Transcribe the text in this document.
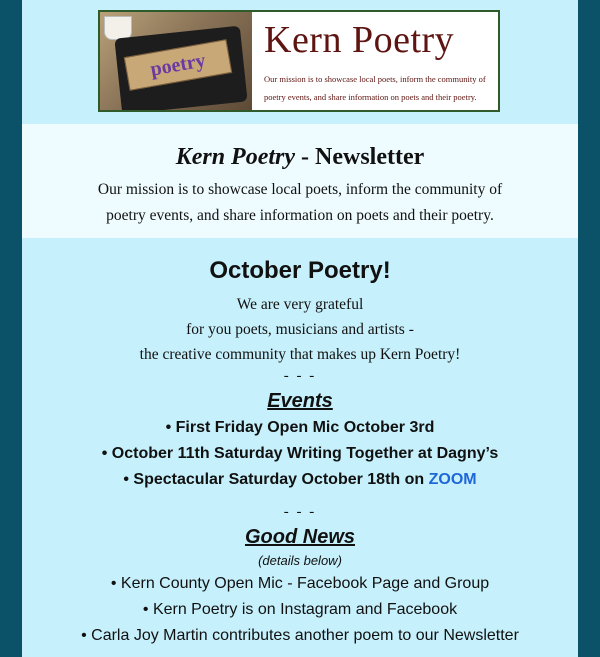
poetry
Kern Poetry
Our mission is to showcase local poets, inform the community of
poetry events, and share information on poets and their poetry.
Kern Poetry - Newsletter
Our mission is to showcase local poets, inform the community of
poetry events, and share information on poets and their poetry.
October Poetry!
We are very grateful
for you poets, musicians and artists -
the creative community that makes up Kern Poetry!
- - -
Events
• First Friday Open Mic October 3rd
• October 11th Saturday Writing Together at Dagny’s
• Spectacular Saturday October 18th on ZOOM
- - -
Good News
(details below)
• Kern County Open Mic - Facebook Page and Group
• Kern Poetry is on Instagram and Facebook
• Carla Joy Martin contributes another poem to our Newsletter
